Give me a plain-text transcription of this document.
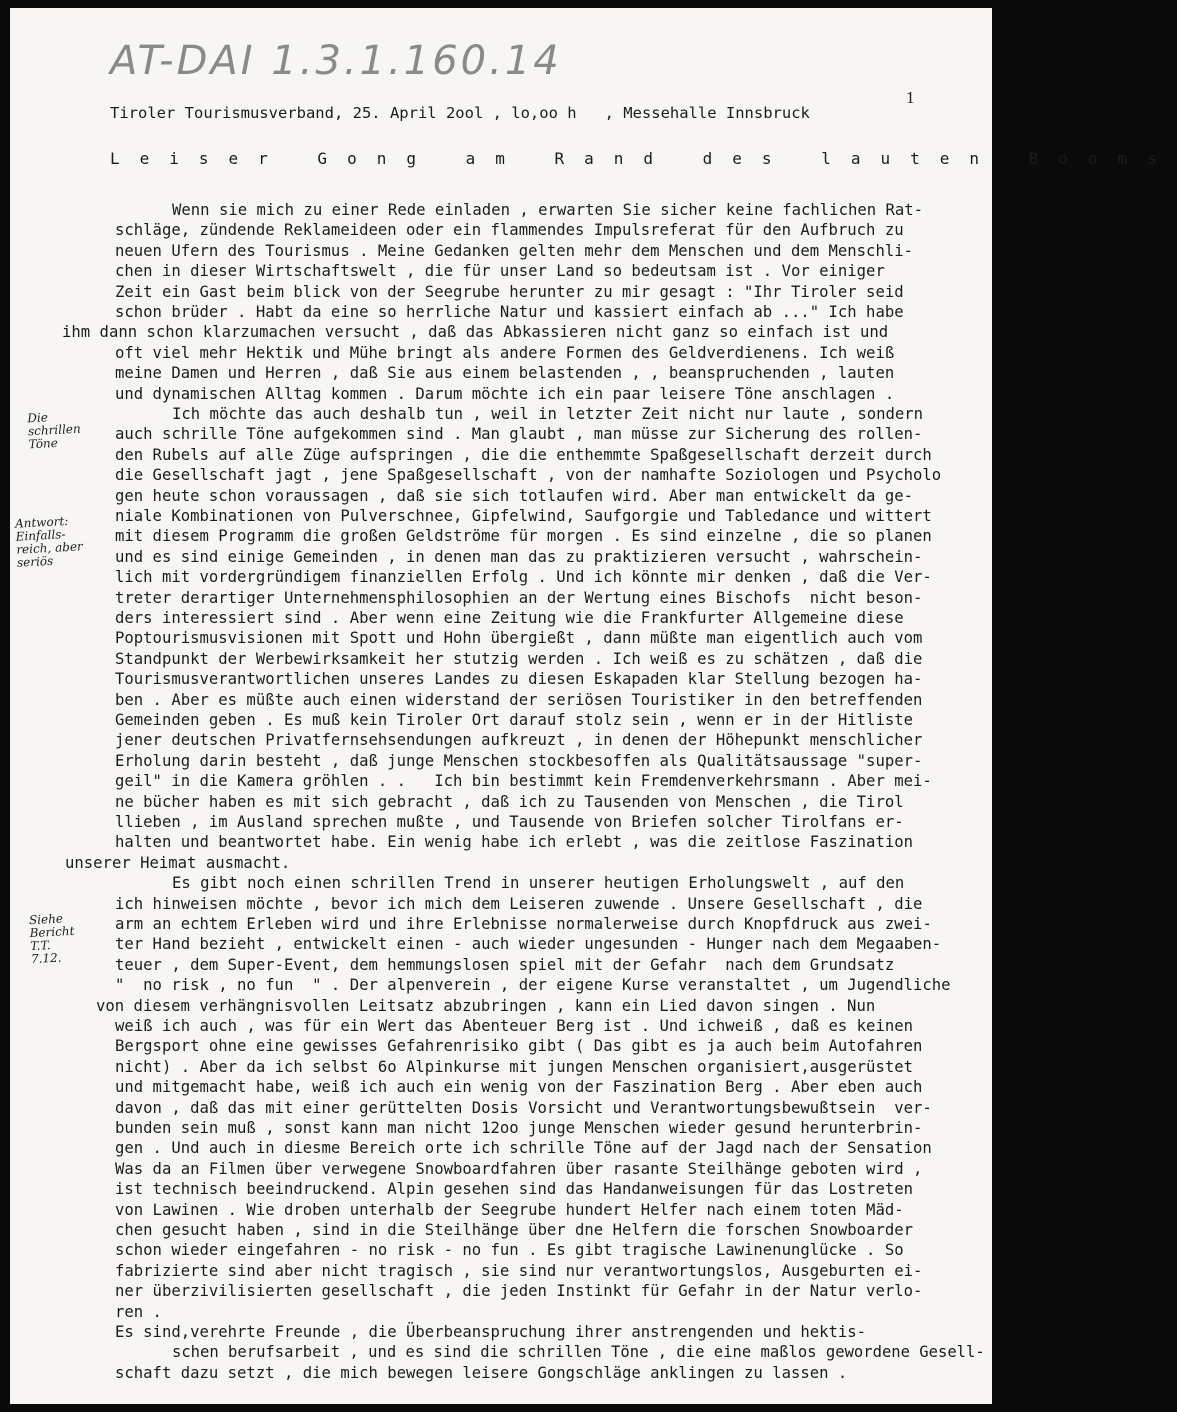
AT-DAI 1.3.1.160.14
1
Tiroler Tourismusverband, 25. April 2ool , lo,oo h   , Messehalle Innsbruck
Leiser Gong am Rand des lauten Booms
Die
schrillen
Töne
Antwort:
Einfalls-
reich, aber
seriös
Siehe
Bericht
T.T.
7.12.
Wenn sie mich zu einer Rede einladen , erwarten Sie sicher keine fachlichen Rat-
schläge, zündende Reklameideen oder ein flammendes Impulsreferat für den Aufbruch zu
neuen Ufern des Tourismus . Meine Gedanken gelten mehr dem Menschen und dem Menschli-
chen in dieser Wirtschaftswelt , die für unser Land so bedeutsam ist . Vor einiger
Zeit ein Gast beim blick von der Seegrube herunter zu mir gesagt : "Ihr Tiroler seid
schon brüder . Habt da eine so herrliche Natur und kassiert einfach ab ..." Ich habe
ihm dann schon klarzumachen versucht , daß das Abkassieren nicht ganz so einfach ist und
oft viel mehr Hektik und Mühe bringt als andere Formen des Geldverdienens. Ich weiß
meine Damen und Herren , daß Sie aus einem belastenden , , beanspruchenden , lauten
und dynamischen Alltag kommen . Darum möchte ich ein paar leisere Töne anschlagen .
Ich möchte das auch deshalb tun , weil in letzter Zeit nicht nur laute , sondern
auch schrille Töne aufgekommen sind . Man glaubt , man müsse zur Sicherung des rollen-
den Rubels auf alle Züge aufspringen , die die enthemmte Spaßgesellschaft derzeit durch
die Gesellschaft jagt , jene Spaßgesellschaft , von der namhafte Soziologen und Psycholo
gen heute schon voraussagen , daß sie sich totlaufen wird. Aber man entwickelt da ge-
niale Kombinationen von Pulverschnee, Gipfelwind, Saufgorgie und Tabledance und wittert
mit diesem Programm die großen Geldströme für morgen . Es sind einzelne , die so planen
und es sind einige Gemeinden , in denen man das zu praktizieren versucht , wahrschein-
lich mit vordergründigem finanziellen Erfolg . Und ich könnte mir denken , daß die Ver-
treter derartiger Unternehmensphilosophien an der Wertung eines Bischofs  nicht beson-
ders interessiert sind . Aber wenn eine Zeitung wie die Frankfurter Allgemeine diese
Poptourismusvisionen mit Spott und Hohn übergießt , dann müßte man eigentlich auch vom
Standpunkt der Werbewirksamkeit her stutzig werden . Ich weiß es zu schätzen , daß die
Tourismusverantwortlichen unseres Landes zu diesen Eskapaden klar Stellung bezogen ha-
ben . Aber es müßte auch einen widerstand der seriösen Touristiker in den betreffenden
Gemeinden geben . Es muß kein Tiroler Ort darauf stolz sein , wenn er in der Hitliste
jener deutschen Privatfernsehsendungen aufkreuzt , in denen der Höhepunkt menschlicher
Erholung darin besteht , daß junge Menschen stockbesoffen als Qualitätsaussage "super-
geil" in die Kamera gröhlen . .   Ich bin bestimmt kein Fremdenverkehrsmann . Aber mei-
ne bücher haben es mit sich gebracht , daß ich zu Tausenden von Menschen , die Tirol
llieben , im Ausland sprechen mußte , und Tausende von Briefen solcher Tirolfans er-
halten und beantwortet habe. Ein wenig habe ich erlebt , was die zeitlose Faszination
unserer Heimat ausmacht.
Es gibt noch einen schrillen Trend in unserer heutigen Erholungswelt , auf den
ich hinweisen möchte , bevor ich mich dem Leiseren zuwende . Unsere Gesellschaft , die
arm an echtem Erleben wird und ihre Erlebnisse normalerweise durch Knopfdruck aus zwei-
ter Hand bezieht , entwickelt einen - auch wieder ungesunden - Hunger nach dem Megaaben-
teuer , dem Super-Event, dem hemmungslosen spiel mit der Gefahr  nach dem Grundsatz
"  no risk , no fun  " . Der alpenverein , der eigene Kurse veranstaltet , um Jugendliche
von diesem verhängnisvollen Leitsatz abzubringen , kann ein Lied davon singen . Nun
weiß ich auch , was für ein Wert das Abenteuer Berg ist . Und ichweiß , daß es keinen
Bergsport ohne eine gewisses Gefahrenrisiko gibt ( Das gibt es ja auch beim Autofahren
nicht) . Aber da ich selbst 6o Alpinkurse mit jungen Menschen organisiert,ausgerüstet
und mitgemacht habe, weiß ich auch ein wenig von der Faszination Berg . Aber eben auch
davon , daß das mit einer gerüttelten Dosis Vorsicht und Verantwortungsbewußtsein  ver-
bunden sein muß , sonst kann man nicht 12oo junge Menschen wieder gesund herunterbrin-
gen . Und auch in diesme Bereich orte ich schrille Töne auf der Jagd nach der Sensation
Was da an Filmen über verwegene Snowboardfahren über rasante Steilhänge geboten wird ,
ist technisch beeindruckend. Alpin gesehen sind das Handanweisungen für das Lostreten
von Lawinen . Wie droben unterhalb der Seegrube hundert Helfer nach einem toten Mäd-
chen gesucht haben , sind in die Steilhänge über dne Helfern die forschen Snowboarder
schon wieder eingefahren - no risk - no fun . Es gibt tragische Lawinenunglücke . So
fabrizierte sind aber nicht tragisch , sie sind nur verantwortungslos, Ausgeburten ei-
ner überzivilisierten gesellschaft , die jeden Instinkt für Gefahr in der Natur verlo-
ren .
Es sind,verehrte Freunde , die Überbeanspruchung ihrer anstrengenden und hektis-
schen berufsarbeit , und es sind die schrillen Töne , die eine maßlos gewordene Gesell-
schaft dazu setzt , die mich bewegen leisere Gongschläge anklingen zu lassen .
